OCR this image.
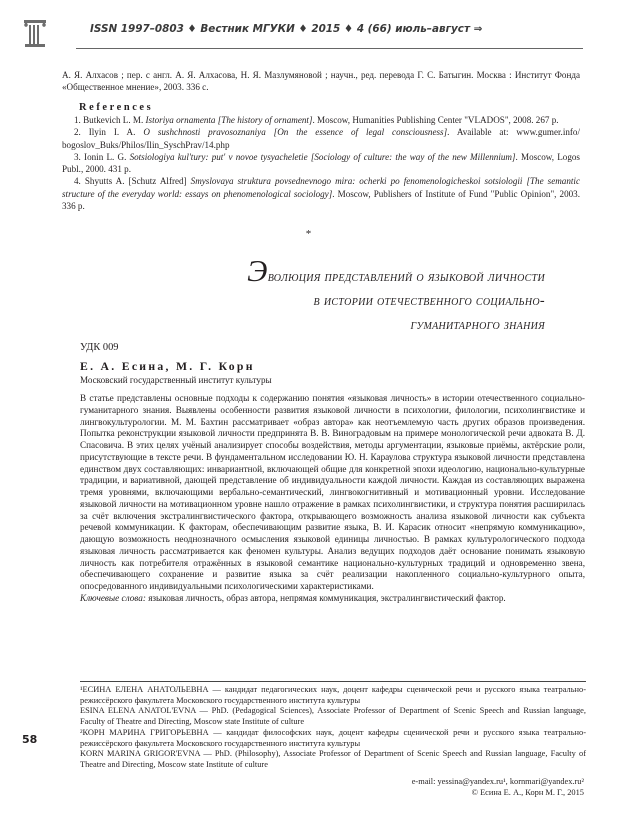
ISSN 1997–0803 ♦ Вестник МГУКИ ♦ 2015 ♦ 4 (66) июль–август ⇒
А. Я. Алхасов ; пер. с англ. А. Я. Алхасова, Н. Я. Мазлумяновой ; научн., ред. перевода Г. С. Батыгин. Москва : Институт Фонда «Общественное мнение», 2003. 336 с.
References

1. Butkevich L. M. Istoriya ornamenta [The history of ornament]. Moscow, Humanities Publishing Center "VLADOS", 2008. 267 p.

2. Ilyin I. A. O sushchnosti pravosoznaniya [On the essence of legal consciousness]. Available at: www.gumer.info/ bogoslov_Buks/Philos/Ilin_SyschPrav/14.php

3. Ionin L. G. Sotsiologiya kul'tury: put' v novoe tysyacheletie [Sociology of culture: the way of the new Millennium]. Moscow, Logos Publ., 2000. 431 p.

4. Shyutts A. [Schutz Alfred] Smyslovaya struktura povsednevnogo mira: ocherki po fenomenologicheskoi sotsiologii [The semantic structure of the everyday world: essays on phenomenological sociology]. Moscow, Publishers of Institute of Fund "Public Opinion", 2003. 336 p.

*
Эволюция представлений о языковой личности
в истории отечественного социально-
гуманитарного знания
УДК 009
Е. А. Есина, М. Г. Корн
Московский государственный институт культуры

В статье представлены основные подходы к содержанию понятия «языковая личность» в истории отечественного социально-гуманитарного знания. Выявлены особенности развития языковой личности в психологии, филологии, психолингвистике и лингвокультурологии. М. М. Бахтин рассматривает «образ автора» как неотъемлемую часть других образов произведения. Попытка реконструкции языковой личности предпринята В. В. Виноградовым на примере монологической речи адвоката В. Д. Спасовича. В этих целях учёный анализирует способы воздействия, методы аргументации, языковые приёмы, актёрские роли, присутствующие в тексте речи. В фундаментальном исследовании Ю. Н. Караулова структура языковой личности представлена единством двух составляющих: инвариантной, включающей общие для конкретной эпохи идеологию, национально-культурные традиции, и вариативной, дающей представление об индивидуальности каждой личности. Каждая из составляющих выражена тремя уровнями, включающими вербально-семантический, лингвокогнитивный и мотивационный уровни. Исследование языковой личности на мотивационном уровне нашло отражение в рамках психолингвистики, и структура понятия расширилась за счёт включения экстралингвистического фактора, открывающего возможность анализа языковой личности как субъекта речевой коммуникации. К факторам, обеспечивающим развитие языка, В. И. Карасик относит «непрямую коммуникацию», дающую возможность неоднозначного осмысления языковой единицы личностью. В рамках культурологического подхода языковая личность рассматривается как феномен культуры. Анализ ведущих подходов даёт основание понимать языковую личность как потребителя отражённых в языковой семантике национально-культурных традиций и одновременно звена, обеспечивающего сохранение и развитие языка за счёт реализации накопленного социально-культурного опыта, опосредованного индивидуальными психологическими характеристиками.

Ключевые слова: языковая личность, образ автора, непрямая коммуникация, экстралингвистический фактор.

¹ЕСИНА ЕЛЕНА АНАТОЛЬЕВНА — кандидат педагогических наук, доцент кафедры сценической речи и русского языка театрально-режиссёрского факультета Московского государственного института культуры

ESINA ELENA ANATOL'EVNA — PhD. (Pedagogical Sciences), Associate Professor of Department of Scenic Speech and Russian language, Faculty of Theatre and Directing, Moscow state Institute of culture

²КОРН МАРИНА ГРИГОРЬЕВНА — кандидат философских наук, доцент кафедры сценической речи и русского языка театрально-режиссёрского факультета Московского государственного института культуры

KORN MARINA GRIGOR'EVNA — PhD. (Philosophy), Associate Professor of Department of Scenic Speech and Russian language, Faculty of Theatre and Directing, Moscow state Institute of culture

58
e-mail: yessina@yandex.ru¹, kornmari@yandex.ru²
© Есина Е. А., Корн М. Г., 2015
